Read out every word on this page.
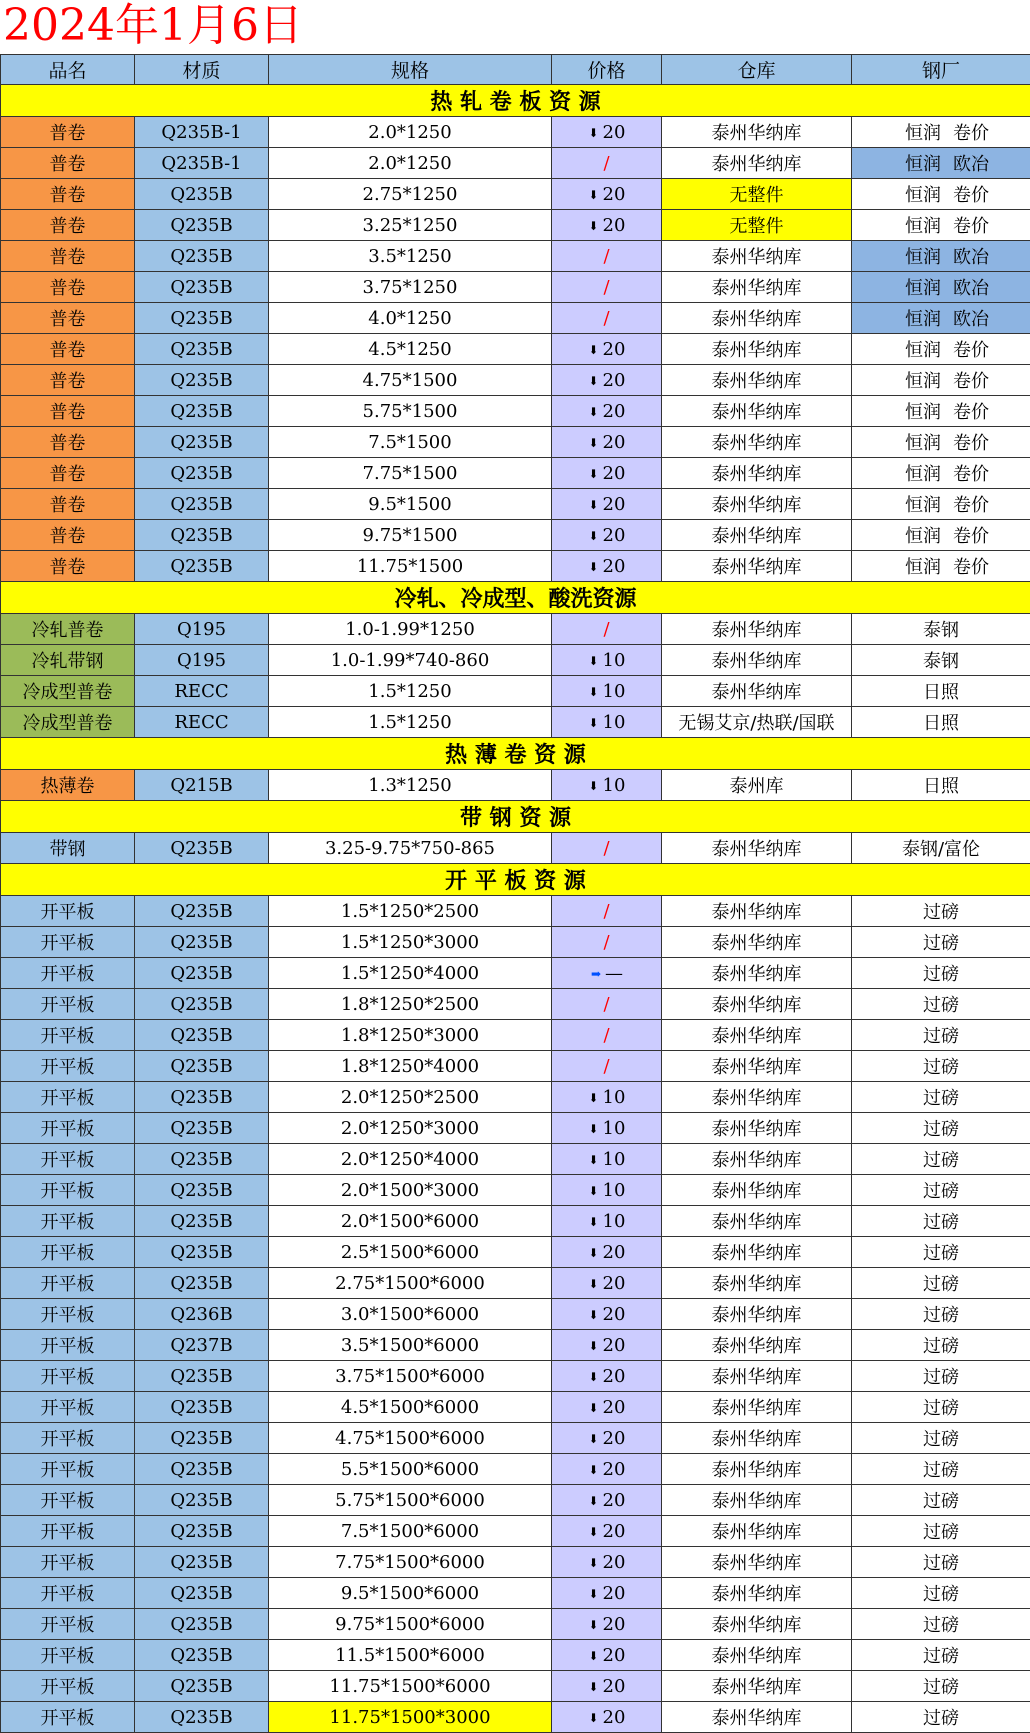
2024年1月6日
品名	材质	规格	价格	仓库	钢厂
热 轧 卷 板 资 源					
普卷	Q235B-1	2.0*1250	⬇ 20	泰州华纳库	恒润 卷价
普卷	Q235B-1	2.0*1250	/	泰州华纳库	恒润 欧冶
普卷	Q235B	2.75*1250	⬇ 20	无整件	恒润 卷价
普卷	Q235B	3.25*1250	⬇ 20	无整件	恒润 卷价
普卷	Q235B	3.5*1250	/	泰州华纳库	恒润 欧冶
普卷	Q235B	3.75*1250	/	泰州华纳库	恒润 欧冶
普卷	Q235B	4.0*1250	/	泰州华纳库	恒润 欧冶
普卷	Q235B	4.5*1250	⬇ 20	泰州华纳库	恒润 卷价
普卷	Q235B	4.75*1500	⬇ 20	泰州华纳库	恒润 卷价
普卷	Q235B	5.75*1500	⬇ 20	泰州华纳库	恒润 卷价
普卷	Q235B	7.5*1500	⬇ 20	泰州华纳库	恒润 卷价
普卷	Q235B	7.75*1500	⬇ 20	泰州华纳库	恒润 卷价
普卷	Q235B	9.5*1500	⬇ 20	泰州华纳库	恒润 卷价
普卷	Q235B	9.75*1500	⬇ 20	泰州华纳库	恒润 卷价
普卷	Q235B	11.75*1500	⬇ 20	泰州华纳库	恒润 卷价
冷轧、冷成型、酸洗资源					
冷轧普卷	Q195	1.0-1.99*1250	/	泰州华纳库	泰钢
冷轧带钢	Q195	1.0-1.99*740-860	⬇ 10	泰州华纳库	泰钢
冷成型普卷	RECC	1.5*1250	⬇ 10	泰州华纳库	日照
冷成型普卷	RECC	1.5*1250	⬇ 10	无锡艾京/热联/国联	日照
热 薄 卷 资 源					
热薄卷	Q215B	1.3*1250	⬇ 10	泰州库	日照
带 钢 资 源					
带钢	Q235B	3.25-9.75*750-865	/	泰州华纳库	泰钢/富伦
开 平 板 资 源					
开平板	Q235B	1.5*1250*2500	/	泰州华纳库	过磅
开平板	Q235B	1.5*1250*3000	/	泰州华纳库	过磅
开平板	Q235B	1.5*1250*4000	➡ —	泰州华纳库	过磅
开平板	Q235B	1.8*1250*2500	/	泰州华纳库	过磅
开平板	Q235B	1.8*1250*3000	/	泰州华纳库	过磅
开平板	Q235B	1.8*1250*4000	/	泰州华纳库	过磅
开平板	Q235B	2.0*1250*2500	⬇ 10	泰州华纳库	过磅
开平板	Q235B	2.0*1250*3000	⬇ 10	泰州华纳库	过磅
开平板	Q235B	2.0*1250*4000	⬇ 10	泰州华纳库	过磅
开平板	Q235B	2.0*1500*3000	⬇ 10	泰州华纳库	过磅
开平板	Q235B	2.0*1500*6000	⬇ 10	泰州华纳库	过磅
开平板	Q235B	2.5*1500*6000	⬇ 20	泰州华纳库	过磅
开平板	Q235B	2.75*1500*6000	⬇ 20	泰州华纳库	过磅
开平板	Q236B	3.0*1500*6000	⬇ 20	泰州华纳库	过磅
开平板	Q237B	3.5*1500*6000	⬇ 20	泰州华纳库	过磅
开平板	Q235B	3.75*1500*6000	⬇ 20	泰州华纳库	过磅
开平板	Q235B	4.5*1500*6000	⬇ 20	泰州华纳库	过磅
开平板	Q235B	4.75*1500*6000	⬇ 20	泰州华纳库	过磅
开平板	Q235B	5.5*1500*6000	⬇ 20	泰州华纳库	过磅
开平板	Q235B	5.75*1500*6000	⬇ 20	泰州华纳库	过磅
开平板	Q235B	7.5*1500*6000	⬇ 20	泰州华纳库	过磅
开平板	Q235B	7.75*1500*6000	⬇ 20	泰州华纳库	过磅
开平板	Q235B	9.5*1500*6000	⬇ 20	泰州华纳库	过磅
开平板	Q235B	9.75*1500*6000	⬇ 20	泰州华纳库	过磅
开平板	Q235B	11.5*1500*6000	⬇ 20	泰州华纳库	过磅
开平板	Q235B	11.75*1500*6000	⬇ 20	泰州华纳库	过磅
开平板	Q235B	11.75*1500*3000	⬇ 20	泰州华纳库	过磅
